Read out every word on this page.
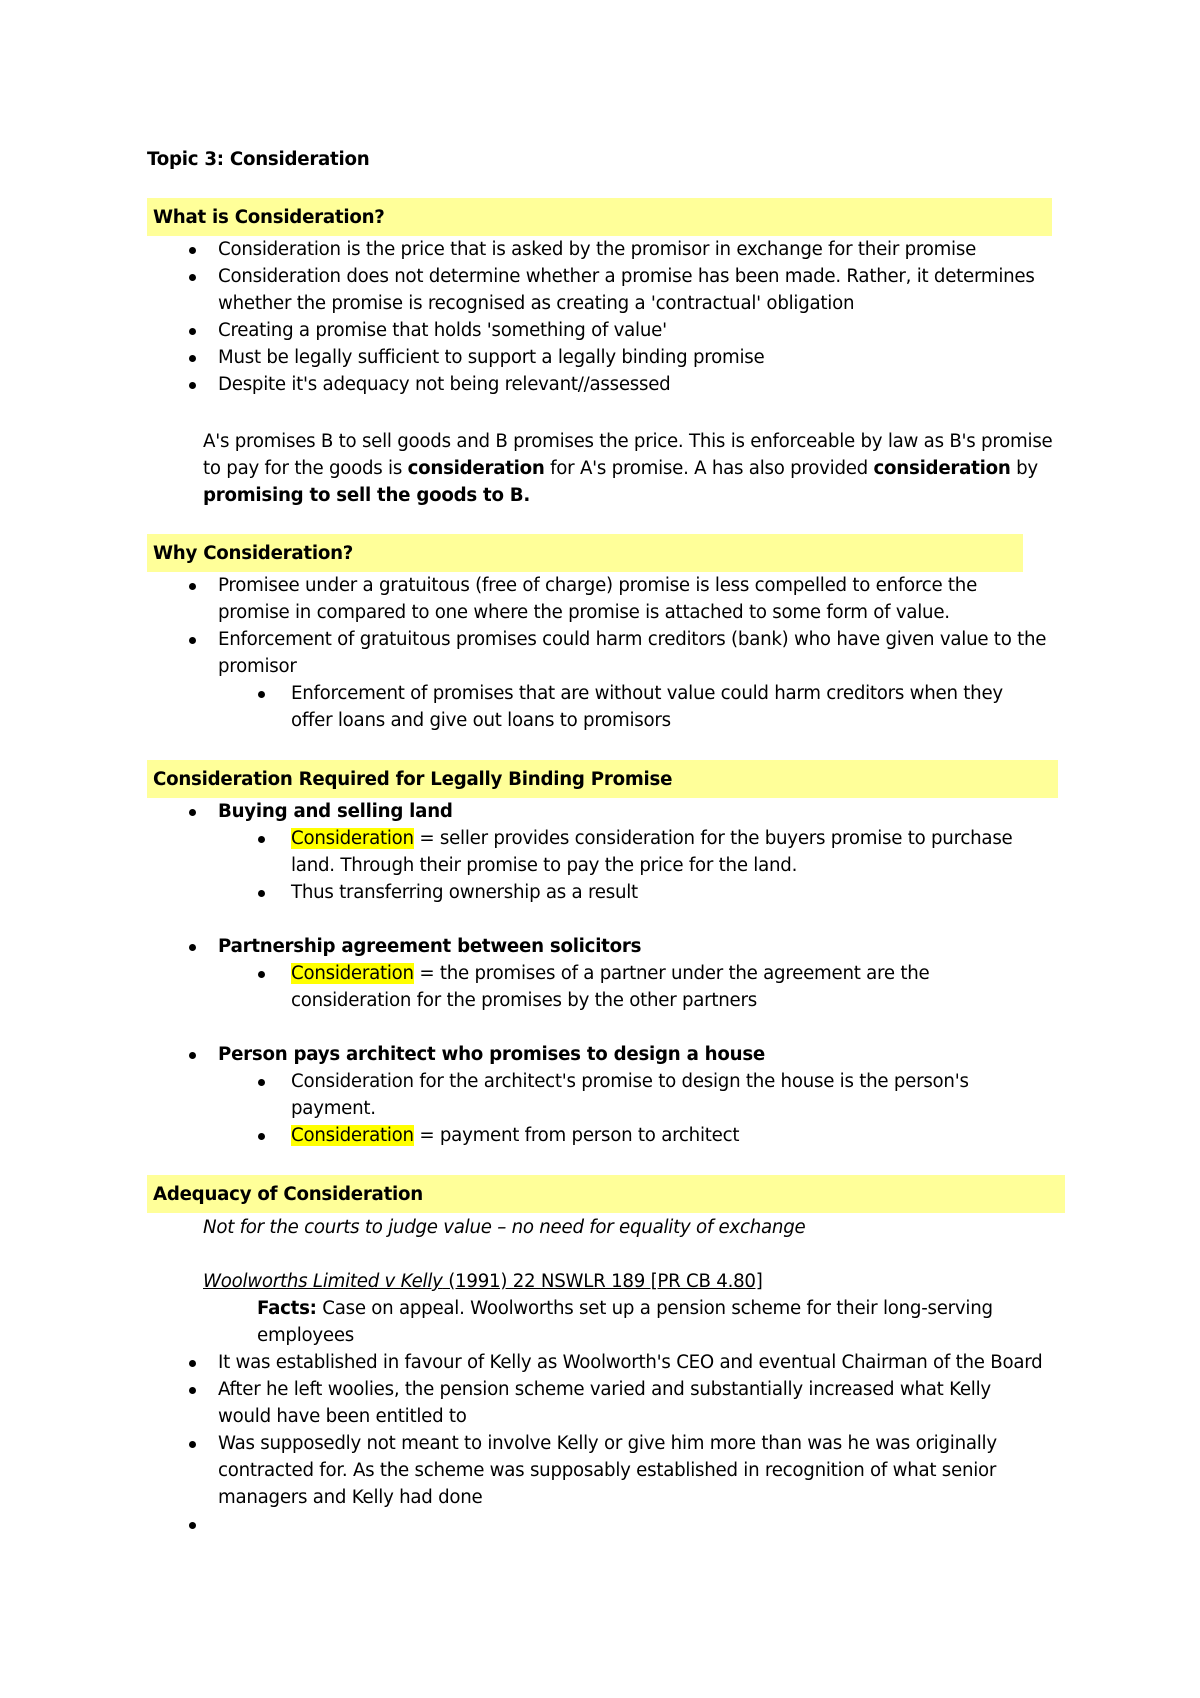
Topic 3: Consideration
What is Consideration?
Consideration is the price that is asked by the promisor in exchange for their promise
Consideration does not determine whether a promise has been made. Rather, it determines
whether the promise is recognised as creating a 'contractual' obligation
Creating a promise that holds 'something of value'
Must be legally sufficient to support a legally binding promise
Despite it's adequacy not being relevant//assessed
A's promises B to sell goods and B promises the price. This is enforceable by law as B's promise
to pay for the goods is consideration for A's promise. A has also provided consideration by
promising to sell the goods to B.
Why Consideration?
Promisee under a gratuitous (free of charge) promise is less compelled to enforce the
promise in compared to one where the promise is attached to some form of value.
Enforcement of gratuitous promises could harm creditors (bank) who have given value to the
promisor
Enforcement of promises that are without value could harm creditors when they
offer loans and give out loans to promisors
Consideration Required for Legally Binding Promise
Buying and selling land
Consideration = seller provides consideration for the buyers promise to purchase
land. Through their promise to pay the price for the land.
Thus transferring ownership as a result
Partnership agreement between solicitors
Consideration = the promises of a partner under the agreement are the
consideration for the promises by the other partners
Person pays architect who promises to design a house
Consideration for the architect's promise to design the house is the person's
payment.
Consideration = payment from person to architect
Adequacy of Consideration
Not for the courts to judge value – no need for equality of exchange
Woolworths Limited v Kelly (1991) 22 NSWLR 189 [PR CB 4.80]
Facts: Case on appeal. Woolworths set up a pension scheme for their long-serving
employees
It was established in favour of Kelly as Woolworth's CEO and eventual Chairman of the Board
After he left woolies, the pension scheme varied and substantially increased what Kelly
would have been entitled to
Was supposedly not meant to involve Kelly or give him more than was he was originally
contracted for. As the scheme was supposably established in recognition of what senior
managers and Kelly had done
